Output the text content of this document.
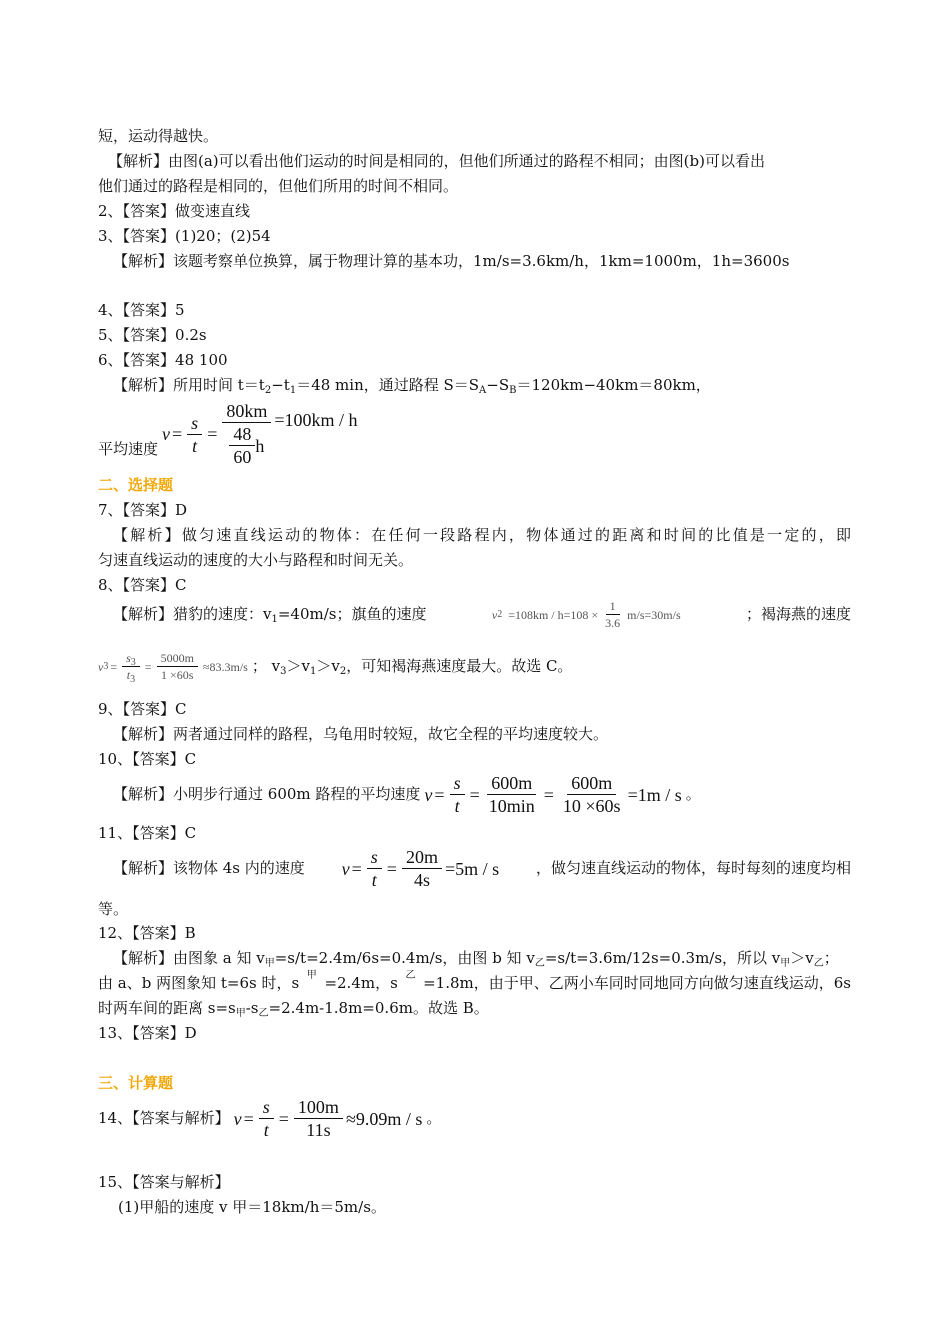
短，运动得越快。
【解析】由图(a)可以看出他们运动的时间是相同的，但他们所通过的路程不相同；由图(b)可以看出
他们通过的路程是相同的，但他们所用的时间不相同。
2、【答案】做变速直线
3、【答案】(1)20；(2)54
【解析】该题考察单位换算，属于物理计算的基本功，1m/s=3.6km/h，1km=1000m，1h=3600s
4、【答案】5
5、【答案】0.2s
6、【答案】48 100
【解析】所用时间 $t=t_2-t_1=48$ min，通过路程 $S=S_A-S_B=120km-40km=80km$，
平均速度
$v = \frac{s}{t} = \frac{80km}{\frac{48}{60} h} =100km / h$
二、选择题
7、【答案】D
【解析】做匀速直线运动的物体：在任何一段路程内，物体通过的距离和时间的比值是一定的，即
匀速直线运动的速度的大小与路程和时间无关。
8、【答案】C
【解析】猎豹的速度：$v_1=40m/s$；旗鱼的速度	v $2 =108km / h=108 \times \frac{1}{3.6} m/s=30m/s$	；褐海燕的速度
v $3 = \frac{s_3}{t_3} = \frac{5000m}{1 \times 60s} \approx 83.3m/s$ ； $v_3>v_1>v_2$，可知褐海燕速度最大。故选 C。
9、【答案】C
【解析】两者通过同样的路程，乌龟用时较短，故它全程的平均速度较大。
10、【答案】C
【解析】小明步行通过 600m 路程的平均速度 $v = \frac{s}{t} = \frac{600m}{10\min} = \frac{600m}{10 \times 60s} =1m / s$ 。
11、【答案】C
【解析】该物体 4s 内的速度 $v = \frac{s}{t} = \frac{20m}{4s} =5m / s$ ，做匀速直线运动的物体，每时每刻的速度均相
等。
12、【答案】B
【解析】由图象 a 知 $v_甲=s/t=2.4m/6s=0.4m/s$，由图 b 知 $v_乙=s/t=3.6m/12s=0.3m/s$，所以 $v_甲>v_乙$；
由 a、b 两图象知 t=6s 时，s 甲 =2.4m，s 乙 =1.8m，由于甲、乙两小车同时同地同方向做匀速直线运动，6s
时两车间的距离 $s=s_甲-s_乙=2.4m-1.8m=0.6m$。故选 B。
13、【答案】D
三、计算题
14、【答案与解析】 $v = \frac{s}{t} = \frac{100m}{11s} \approx 9.09m / s$ 。
15、【答案与解析】
(1)甲船的速度 v 甲＝18km/h＝5m/s。
